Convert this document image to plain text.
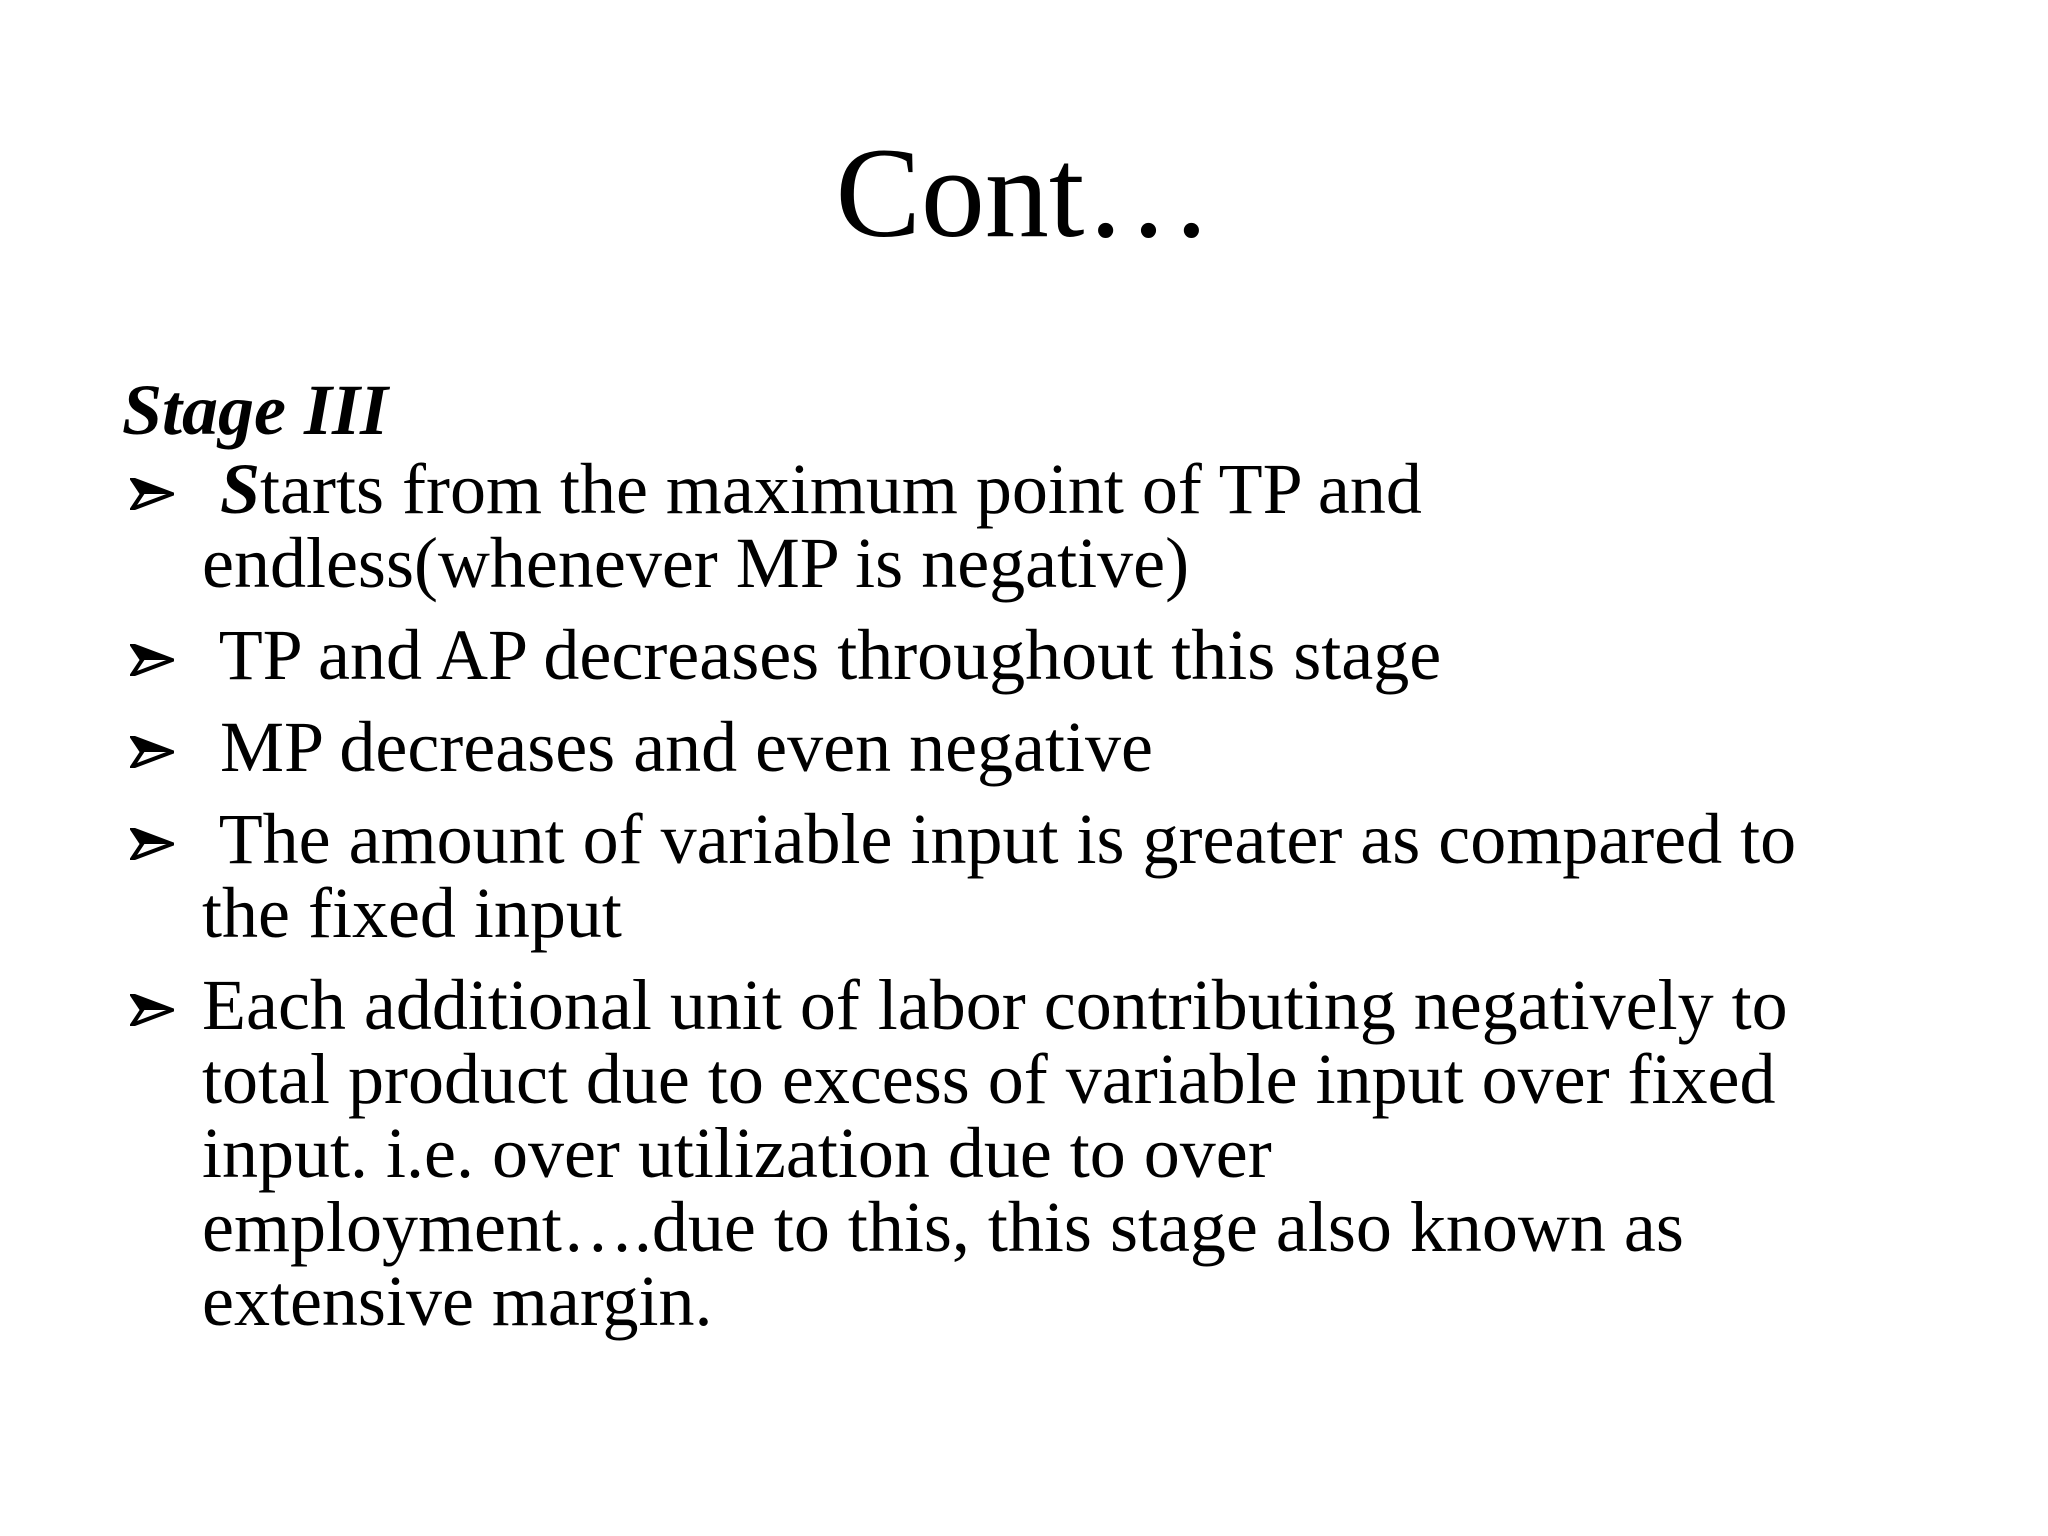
Cont…
Stage III
Starts from the maximum point of TP and
endless(whenever MP is negative)
TP and AP decreases throughout this stage
MP decreases and even negative
The amount of variable input is greater as compared to
the fixed input
Each additional unit of labor contributing negatively to
total product due to excess of variable input over fixed
input. i.e. over utilization due to over
employment….due to this, this stage also known as
extensive margin.
